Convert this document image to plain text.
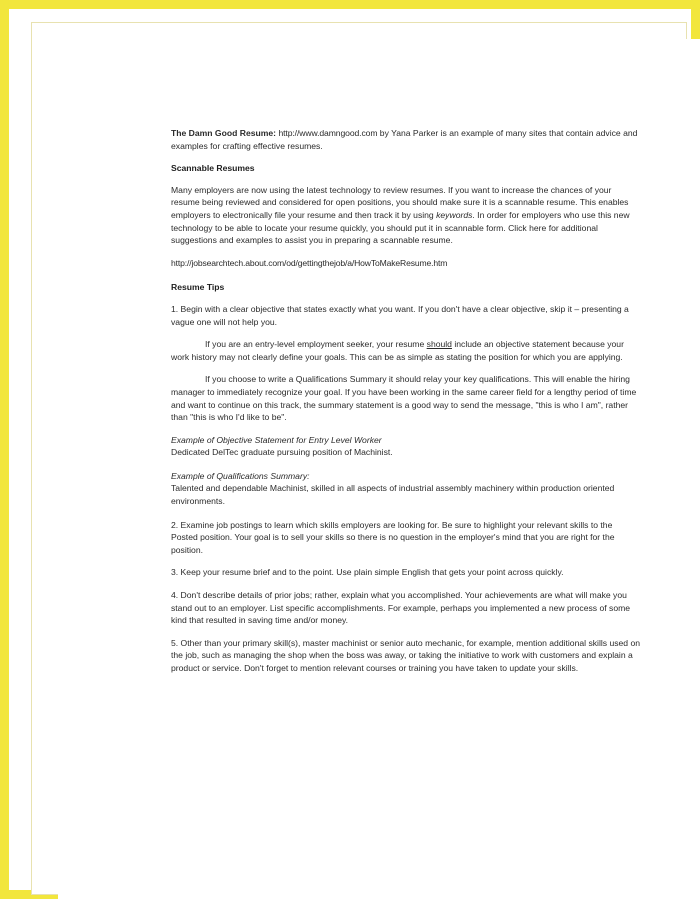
The Damn Good Resume: http://www.damngood.com by Yana Parker is an example of many sites that contain advice and examples for crafting effective resumes.

Scannable Resumes

Many employers are now using the latest technology to review resumes. If you want to increase the chances of your resume being reviewed and considered for open positions, you should make sure it is a scannable resume. This enables employers to electronically file your resume and then track it by using keywords. In order for employers who use this new technology to be able to locate your resume quickly, you should put it in scannable form. Click here for additional suggestions and examples to assist you in preparing a scannable resume.

http://jobsearchtech.about.com/od/gettingthejob/a/HowToMakeResume.htm

Resume Tips

1. Begin with a clear objective that states exactly what you want. If you don't have a clear objective, skip it – presenting a vague one will not help you.

If you are an entry-level employment seeker, your resume should include an objective statement because your work history may not clearly define your goals. This can be as simple as stating the position for which you are applying.

If you choose to write a Qualifications Summary it should relay your key qualifications. This will enable the hiring manager to immediately recognize your goal. If you have been working in the same career field for a lengthy period of time and want to continue on this track, the summary statement is a good way to send the message, "this is who I am", rather than "this is who I'd like to be".

Example of Objective Statement for Entry Level Worker
Dedicated DelTec graduate pursuing position of Machinist.
Example of Qualifications Summary:
Talented and dependable Machinist, skilled in all aspects of industrial assembly machinery within production oriented environments.

2. Examine job postings to learn which skills employers are looking for. Be sure to highlight your relevant skills to the Posted position. Your goal is to sell your skills so there is no question in the employer's mind that you are right for the position.

3. Keep your resume brief and to the point. Use plain simple English that gets your point across quickly.

4. Don't describe details of prior jobs; rather, explain what you accomplished. Your achievements are what will make you stand out to an employer. List specific accomplishments. For example, perhaps you implemented a new process of some kind that resulted in saving time and/or money.

5. Other than your primary skill(s), master machinist or senior auto mechanic, for example, mention additional skills used on the job, such as managing the shop when the boss was away, or taking the initiative to work with customers and explain a product or service. Don't forget to mention relevant courses or training you have taken to update your skills.
